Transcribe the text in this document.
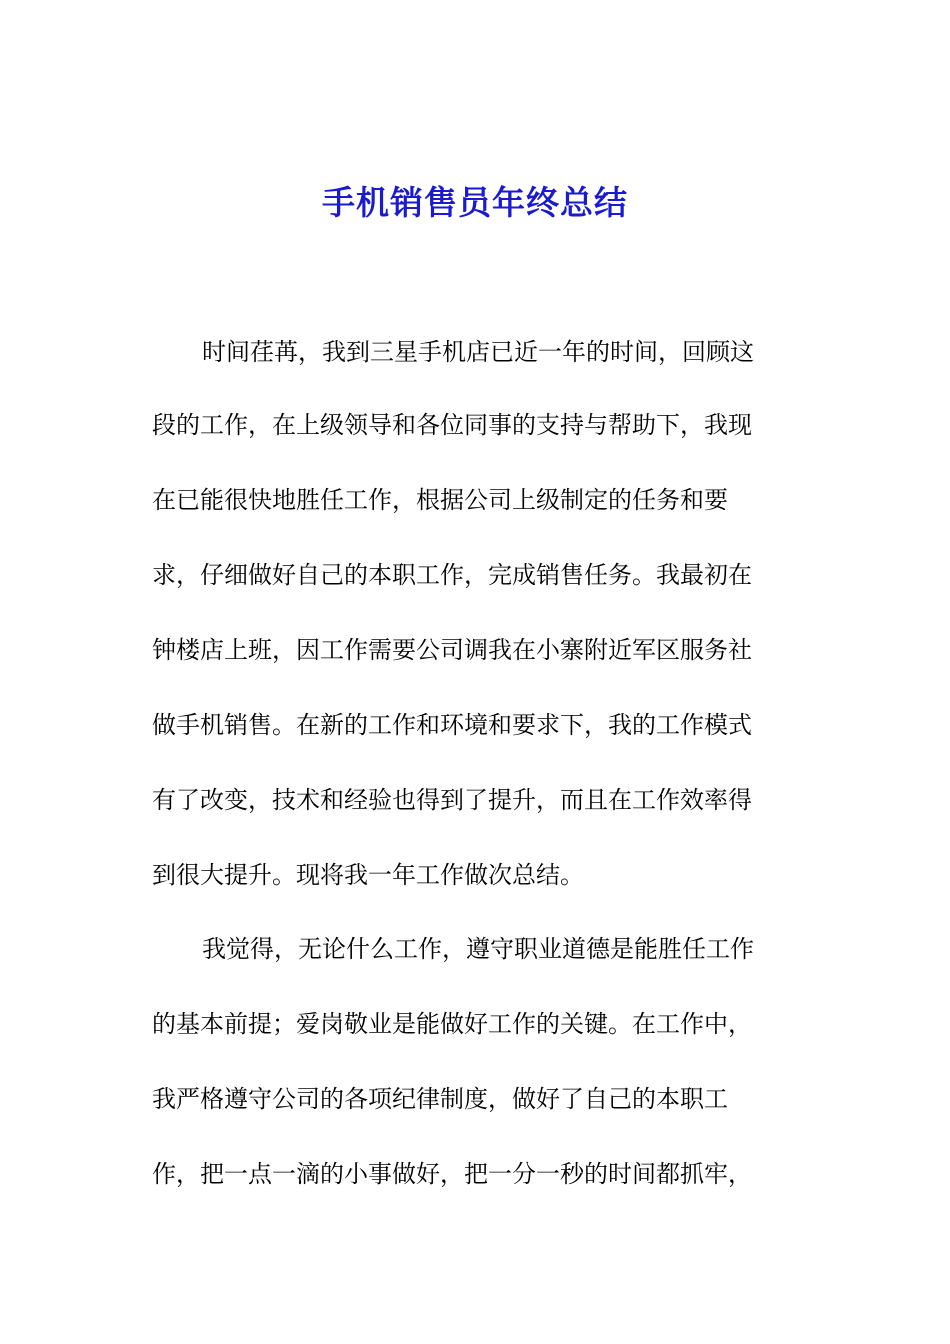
手机销售员年终总结
时间荏苒，我到三星手机店已近一年的时间，回顾这
段的工作，在上级领导和各位同事的支持与帮助下，我现
在已能很快地胜任工作，根据公司上级制定的任务和要
求，仔细做好自己的本职工作，完成销售任务。我最初在
钟楼店上班，因工作需要公司调我在小寨附近军区服务社
做手机销售。在新的工作和环境和要求下，我的工作模式
有了改变，技术和经验也得到了提升，而且在工作效率得
到很大提升。现将我一年工作做次总结。
我觉得，无论什么工作，遵守职业道德是能胜任工作
的基本前提；爱岗敬业是能做好工作的关键。在工作中，
我严格遵守公司的各项纪律制度，做好了自己的本职工
作，把一点一滴的小事做好，把一分一秒的时间都抓牢，
